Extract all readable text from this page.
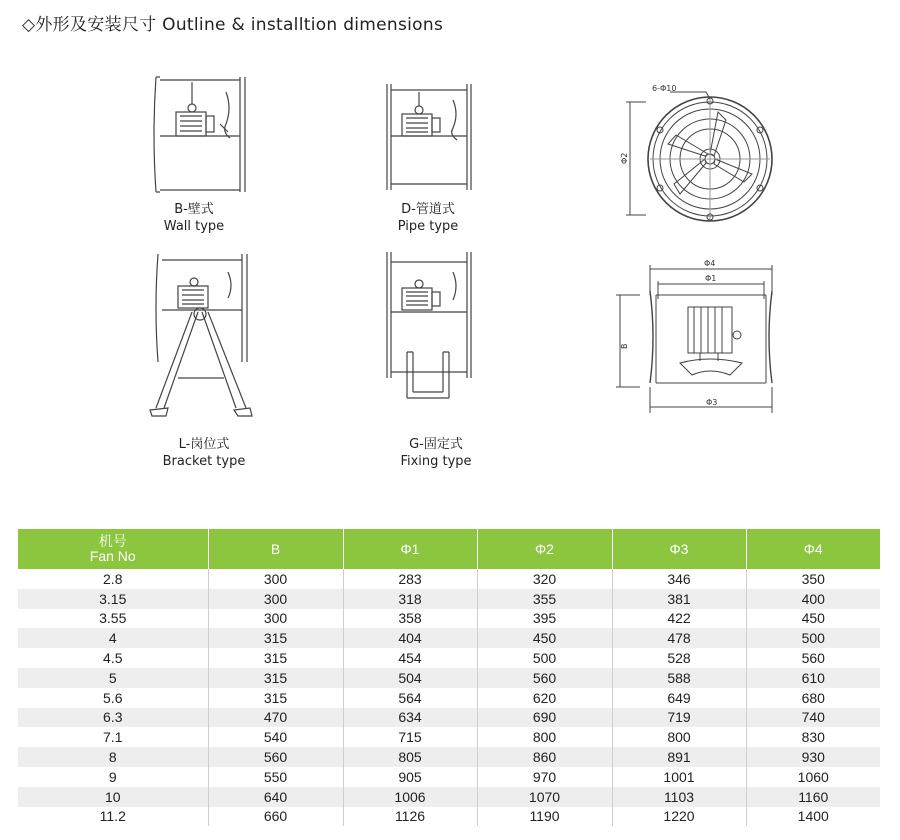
◇外形及安装尺寸 Outline & installtion dimensions
B-壁式
Wall type
D-管道式
Pipe type
6-Φ10
Φ2
Φ4
Φ1
Φ3
B
L-岗位式
Bracket type
G-固定式
Fixing type
机号
Fan No	B	Φ1	Φ2	Φ3	Φ4
2.8	300	283	320	346	350
3.15	300	318	355	381	400
3.55	300	358	395	422	450
4	315	404	450	478	500
4.5	315	454	500	528	560
5	315	504	560	588	610
5.6	315	564	620	649	680
6.3	470	634	690	719	740
7.1	540	715	800	800	830
8	560	805	860	891	930
9	550	905	970	1001	1060
10	640	1006	1070	1103	1160
11.2	660	1126	1190	1220	1400
